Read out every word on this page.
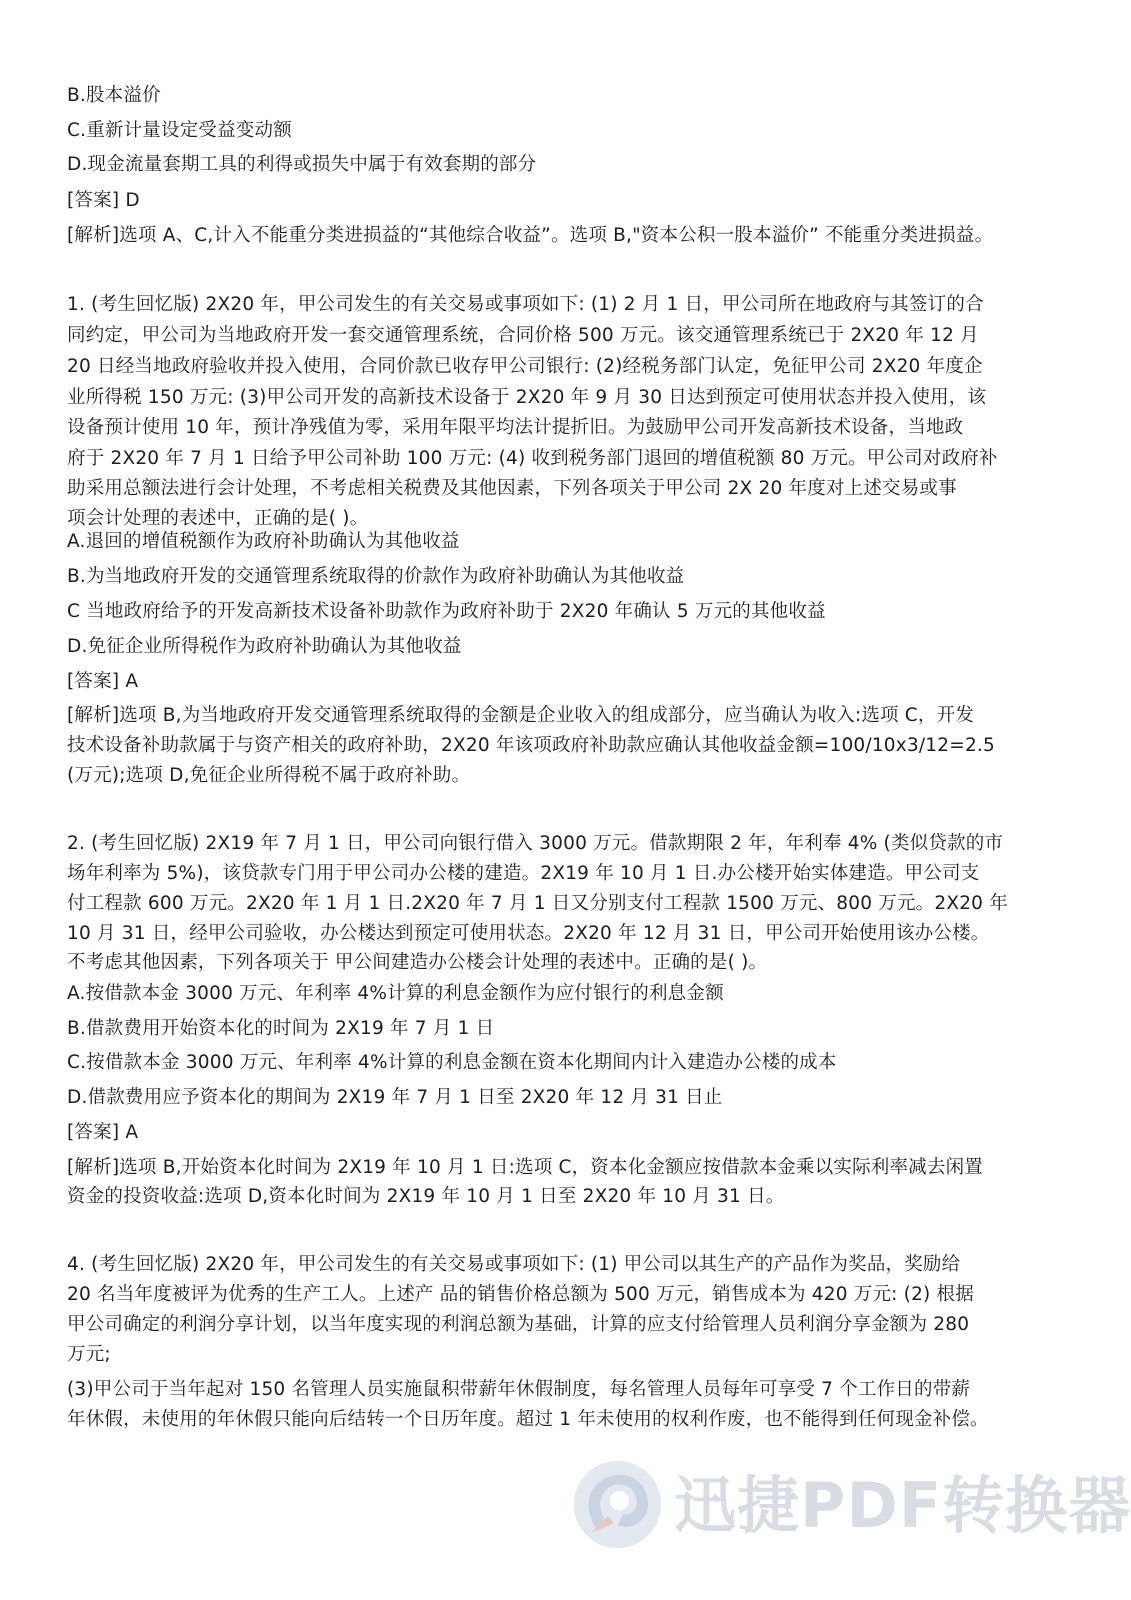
B.股本溢价
C.重新计量设定受益变动额
D.现金流量套期工具的利得或损失中属于有效套期的部分
[答案] D
[解析]选项 A、C,计入不能重分类进损益的“其他综合收益”。选项 B,"资本公积一股本溢价” 不能重分类进损益。
1. (考生回忆版) 2X20 年，甲公司发生的有关交易或事项如下: (1) 2 月 1 日，甲公司所在地政府与其签订的合
同约定，甲公司为当地政府开发一套交通管理系统，合同价格 500 万元。该交通管理系统已于 2X20 年 12 月
20 日经当地政府验收并投入使用，合同价款已收存甲公司银行: (2)经税务部门认定，免征甲公司 2X20 年度企
业所得税 150 万元: (3)甲公司开发的高新技术设备于 2X20 年 9 月 30 日达到预定可使用状态并投入使用，该
设备预计使用 10 年，预计净残值为零，采用年限平均法计提折旧。为鼓励甲公司开发高新技术设备，当地政
府于 2X20 年 7 月 1 日给予甲公司补助 100 万元: (4) 收到税务部门退回的增值税额 80 万元。甲公司对政府补
助采用总额法进行会计处理，不考虑相关税费及其他因素，下列各项关于甲公司 2X 20 年度对上述交易或事
项会计处理的表述中，正确的是( )。
A.退回的增值税额作为政府补助确认为其他收益
B.为当地政府开发的交通管理系统取得的价款作为政府补助确认为其他收益
C 当地政府给予的开发高新技术设备补助款作为政府补助于 2X20 年确认 5 万元的其他收益
D.免征企业所得税作为政府补助确认为其他收益
[答案] A
[解析]选项 B,为当地政府开发交通管理系统取得的金额是企业收入的组成部分，应当确认为收入:选项 C，开发
技术设备补助款属于与资产相关的政府补助，2X20 年该项政府补助款应确认其他收益金额=100/10x3/12=2.5
(万元);选项 D,免征企业所得税不属于政府补助。
2. (考生回忆版) 2X19 年 7 月 1 日，甲公司向银行借入 3000 万元。借款期限 2 年，年利奉 4% (类似贷款的市
场年利率为 5%)，该贷款专门用于甲公司办公楼的建造。2X19 年 10 月 1 日.办公楼开始实体建造。甲公司支
付工程款 600 万元。2X20 年 1 月 1 日.2X20 年 7 月 1 日又分别支付工程款 1500 万元、800 万元。2X20 年
10 月 31 日，经甲公司验收，办公楼达到预定可使用状态。2X20 年 12 月 31 日，甲公司开始使用该办公楼。
不考虑其他因素，下列各项关于 甲公间建造办公楼会计处理的表述中。正确的是( )。
A.按借款本金 3000 万元、年利率 4%计算的利息金额作为应付银行的利息金额
B.借款费用开始资本化的时间为 2X19 年 7 月 1 日
C.按借款本金 3000 万元、年利率 4%计算的利息金额在资本化期间内计入建造办公楼的成本
D.借款费用应予资本化的期间为 2X19 年 7 月 1 日至 2X20 年 12 月 31 日止
[答案] A
[解析]选项 B,开始资本化时间为 2X19 年 10 月 1 日:选项 C，资本化金额应按借款本金乘以实际利率减去闲置
资金的投资收益:选项 D,资本化时间为 2X19 年 10 月 1 日至 2X20 年 10 月 31 日。
4. (考生回忆版) 2X20 年，甲公司发生的有关交易或事项如下: (1) 甲公司以其生产的产品作为奖品，奖励给
20 名当年度被评为优秀的生产工人。上述产 品的销售价格总额为 500 万元，销售成本为 420 万元: (2) 根据
甲公司确定的利润分享计划，以当年度实现的利润总额为基础，计算的应支付给管理人员利润分享金额为 280
万元;
(3)甲公司于当年起对 150 名管理人员实施鼠积带薪年休假制度，每名管理人员每年可享受 7 个工作日的带薪
年休假，未使用的年休假只能向后结转一个日历年度。超过 1 年未使用的权利作废，也不能得到任何现金补偿。
迅捷PDF转换器
